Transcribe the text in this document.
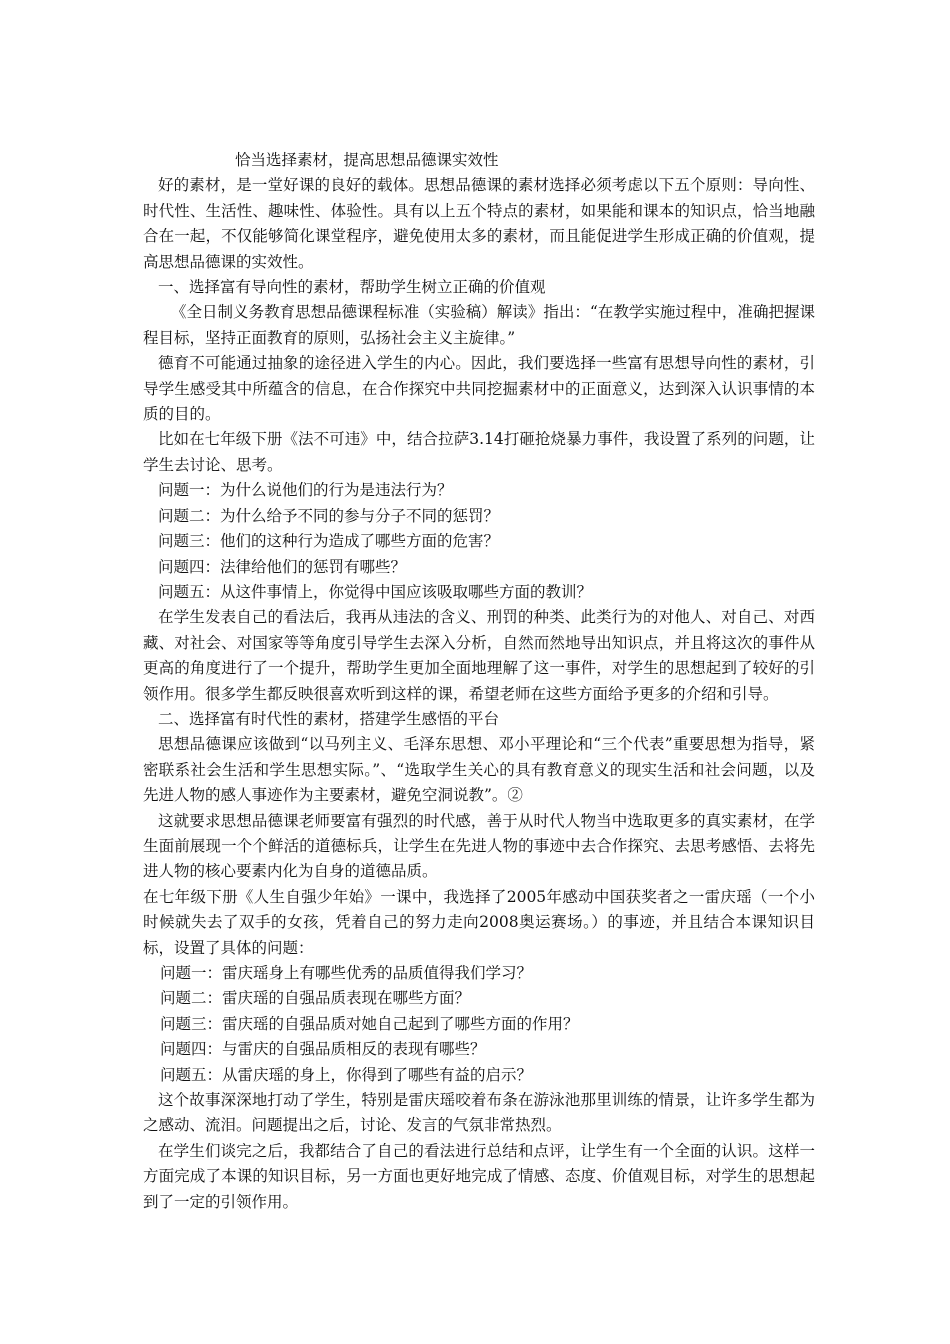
恰当选择素材，提高思想品德课实效性

好的素材，是一堂好课的良好的载体。思想品德课的素材选择必须考虑以下五个原则：导向性、时代性、生活性、趣味性、体验性。具有以上五个特点的素材，如果能和课本的知识点，恰当地融合在一起，不仅能够简化课堂程序，避免使用太多的素材，而且能促进学生形成正确的价值观，提高思想品德课的实效性。

一、选择富有导向性的素材，帮助学生树立正确的价值观

《全日制义务教育思想品德课程标准（实验稿）解读》指出：“在教学实施过程中，准确把握课程目标，坚持正面教育的原则，弘扬社会主义主旋律。”

德育不可能通过抽象的途径进入学生的内心。因此，我们要选择一些富有思想导向性的素材，引导学生感受其中所蕴含的信息，在合作探究中共同挖掘素材中的正面意义，达到深入认识事情的本质的目的。

比如在七年级下册《法不可违》中，结合拉萨3.14打砸抢烧暴力事件，我设置了系列的问题，让学生去讨论、思考。

问题一：为什么说他们的行为是违法行为？

问题二：为什么给予不同的参与分子不同的惩罚？

问题三：他们的这种行为造成了哪些方面的危害？

问题四：法律给他们的惩罚有哪些？

问题五：从这件事情上，你觉得中国应该吸取哪些方面的教训？

在学生发表自己的看法后，我再从违法的含义、刑罚的种类、此类行为的对他人、对自己、对西藏、对社会、对国家等等角度引导学生去深入分析，自然而然地导出知识点，并且将这次的事件从更高的角度进行了一个提升，帮助学生更加全面地理解了这一事件，对学生的思想起到了较好的引领作用。很多学生都反映很喜欢听到这样的课，希望老师在这些方面给予更多的介绍和引导。

二、选择富有时代性的素材，搭建学生感悟的平台

思想品德课应该做到“以马列主义、毛泽东思想、邓小平理论和“三个代表”重要思想为指导，紧密联系社会生活和学生思想实际。”、“选取学生关心的具有教育意义的现实生活和社会问题，以及先进人物的感人事迹作为主要素材，避免空洞说教”。②

这就要求思想品德课老师要富有强烈的时代感，善于从时代人物当中选取更多的真实素材，在学生面前展现一个个鲜活的道德标兵，让学生在先进人物的事迹中去合作探究、去思考感悟、去将先进人物的核心要素内化为自身的道德品质。

在七年级下册《人生自强少年始》一课中，我选择了2005年感动中国获奖者之一雷庆瑶（一个小时候就失去了双手的女孩，凭着自己的努力走向2008奥运赛场。）的事迹，并且结合本课知识目标，设置了具体的问题：

问题一：雷庆瑶身上有哪些优秀的品质值得我们学习？

问题二：雷庆瑶的自强品质表现在哪些方面？

问题三：雷庆瑶的自强品质对她自己起到了哪些方面的作用？

问题四：与雷庆的自强品质相反的表现有哪些？

问题五：从雷庆瑶的身上，你得到了哪些有益的启示？

这个故事深深地打动了学生，特别是雷庆瑶咬着布条在游泳池那里训练的情景，让许多学生都为之感动、流泪。问题提出之后，讨论、发言的气氛非常热烈。

在学生们谈完之后，我都结合了自己的看法进行总结和点评，让学生有一个全面的认识。这样一方面完成了本课的知识目标，另一方面也更好地完成了情感、态度、价值观目标，对学生的思想起到了一定的引领作用。
